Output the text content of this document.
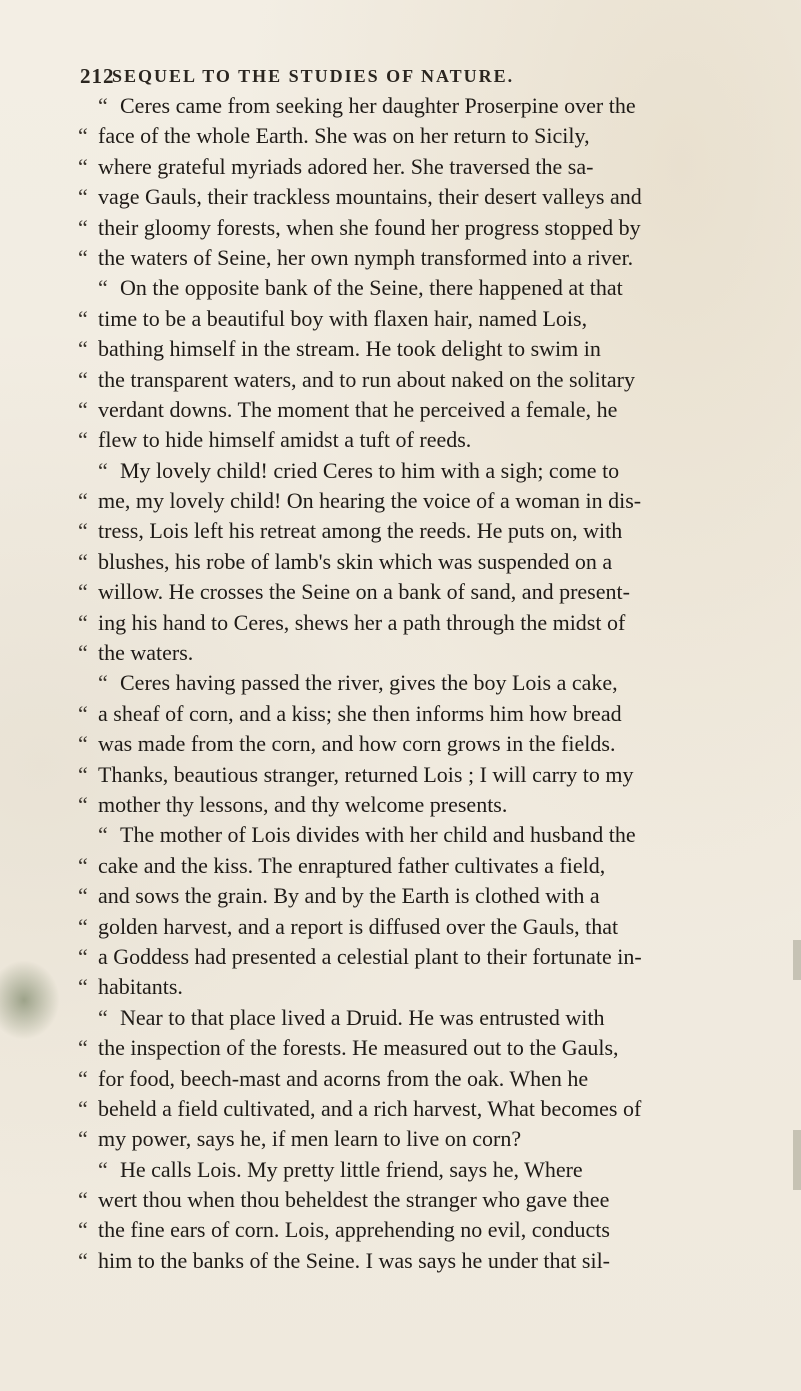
212
SEQUEL TO THE STUDIES OF NATURE.
“ Ceres came from seeking her daughter Proserpine over the
“ face of the whole Earth. She was on her return to Sicily,
“ where grateful myriads adored her. She traversed the sa-
“ vage Gauls, their trackless mountains, their desert valleys and
“ their gloomy forests, when she found her progress stopped by
“ the waters of Seine, her own nymph transformed into a river.
“ On the opposite bank of the Seine, there happened at that
“ time to be a beautiful boy with flaxen hair, named Lois,
“ bathing himself in the stream. He took delight to swim in
“ the transparent waters, and to run about naked on the solitary
“ verdant downs. The moment that he perceived a female, he
“ flew to hide himself amidst a tuft of reeds.
“ My lovely child! cried Ceres to him with a sigh; come to
“ me, my lovely child! On hearing the voice of a woman in dis-
“ tress, Lois left his retreat among the reeds. He puts on, with
“ blushes, his robe of lamb's skin which was suspended on a
“ willow. He crosses the Seine on a bank of sand, and present-
“ ing his hand to Ceres, shews her a path through the midst of
“ the waters.
“ Ceres having passed the river, gives the boy Lois a cake,
“ a sheaf of corn, and a kiss; she then informs him how bread
“ was made from the corn, and how corn grows in the fields.
“ Thanks, beautious stranger, returned Lois ; I will carry to my
“ mother thy lessons, and thy welcome presents.
“ The mother of Lois divides with her child and husband the
“ cake and the kiss. The enraptured father cultivates a field,
“ and sows the grain. By and by the Earth is clothed with a
“ golden harvest, and a report is diffused over the Gauls, that
“ a Goddess had presented a celestial plant to their fortunate in-
“ habitants.
“ Near to that place lived a Druid. He was entrusted with
“ the inspection of the forests. He measured out to the Gauls,
“ for food, beech-mast and acorns from the oak. When he
“ beheld a field cultivated, and a rich harvest, What becomes of
“ my power, says he, if men learn to live on corn?
“ He calls Lois. My pretty little friend, says he, Where
“ wert thou when thou beheldest the stranger who gave thee
“ the fine ears of corn. Lois, apprehending no evil, conducts
“ him to the banks of the Seine. I was says he under that sil-
